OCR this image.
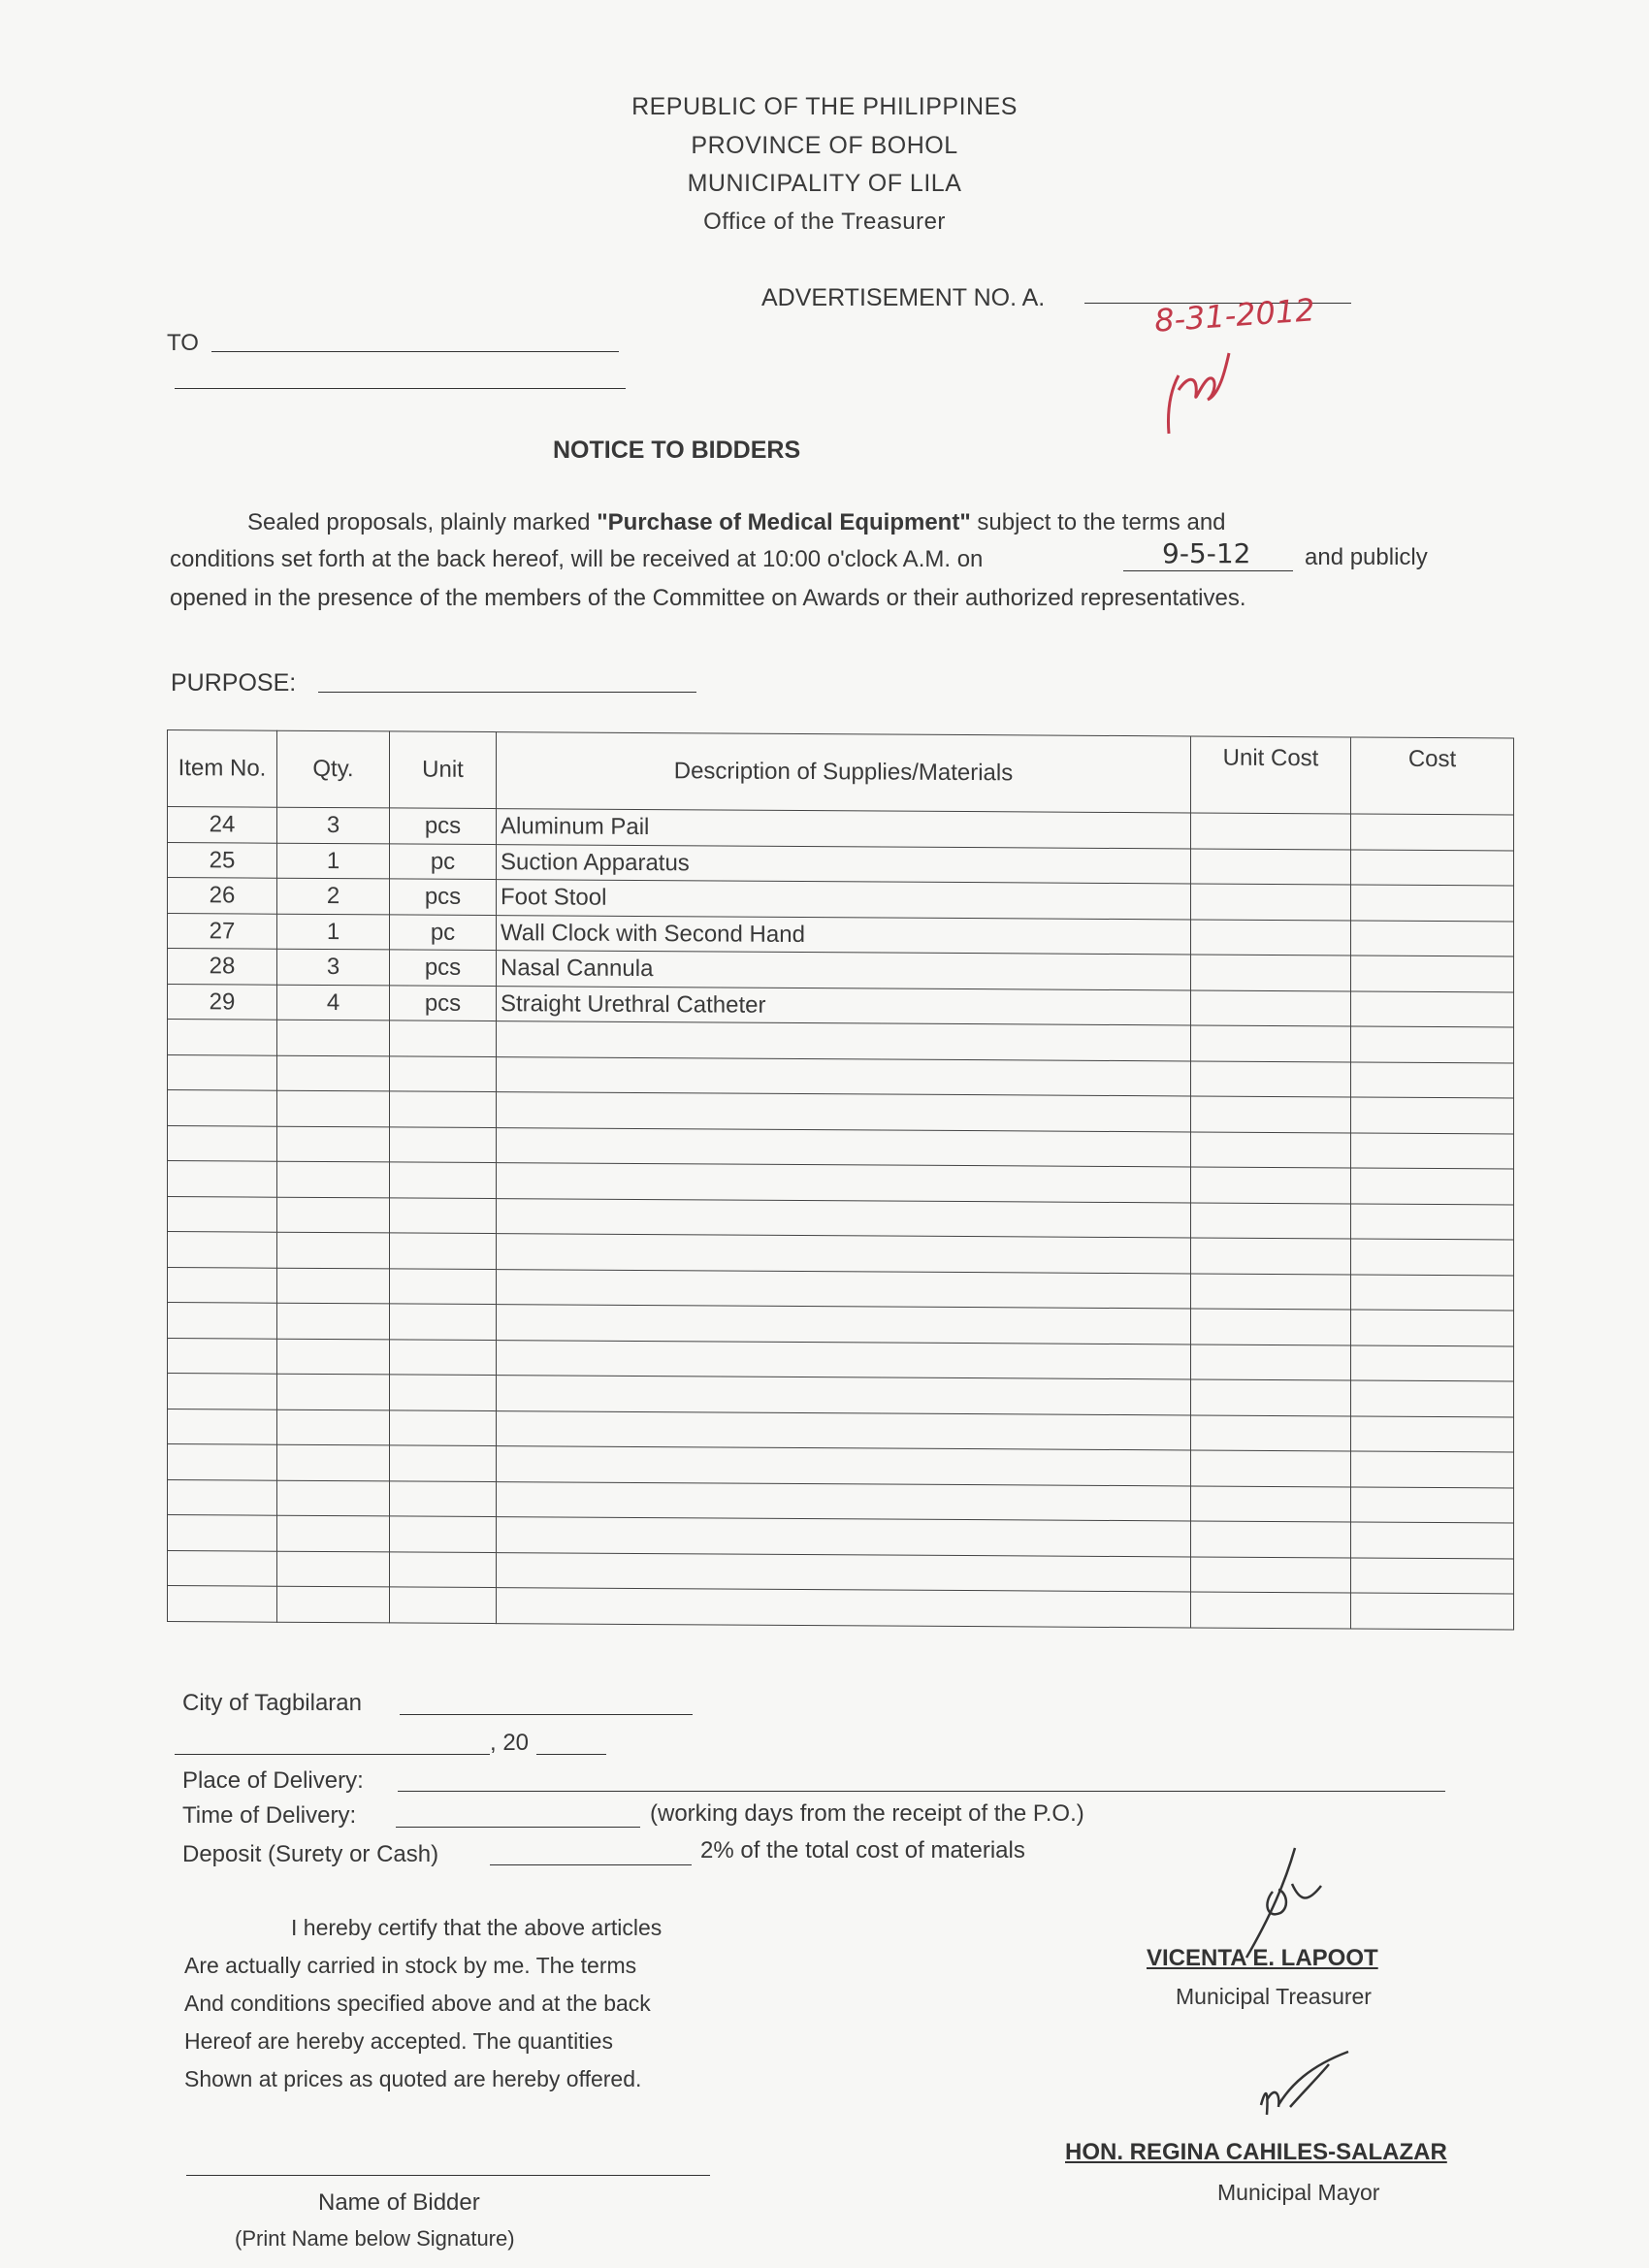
REPUBLIC OF THE PHILIPPINES
PROVINCE OF BOHOL
MUNICIPALITY OF LILA
Office of the Treasurer
ADVERTISEMENT NO. A.	8-31-2012
TO
NOTICE TO BIDDERS
Sealed proposals, plainly marked "Purchase of Medical Equipment" subject to the terms and
conditions set forth at the back hereof, will be received at 10:00 o'clock A.M. on	9-5-12 and publicly
opened in the presence of the members of the Committee on Awards or their authorized representatives.
PURPOSE:
Item No.	Qty.	Unit	Description of Supplies/Materials	Unit Cost	Cost
24	3	pcs	Aluminum Pail		
25	1	pc	Suction Apparatus		
26	2	pcs	Foot Stool		
27	1	pc	Wall Clock with Second Hand		
28	3	pcs	Nasal Cannula		
29	4	pcs	Straight Urethral Catheter		

City of Tagbilaran
, 20
Place of Delivery:
Time of Delivery:	(working days from the receipt of the P.O.)
Deposit (Surety or Cash)	2% of the total cost of materials
I hereby certify that the above articles
Are actually carried in stock by me. The terms
And conditions specified above and at the back
Hereof are hereby accepted. The quantities
Shown at prices as quoted are hereby offered.
Name of Bidder
(Print Name below Signature)
VICENTA E. LAPOOT
Municipal Treasurer
HON. REGINA CAHILES-SALAZAR
Municipal Mayor
